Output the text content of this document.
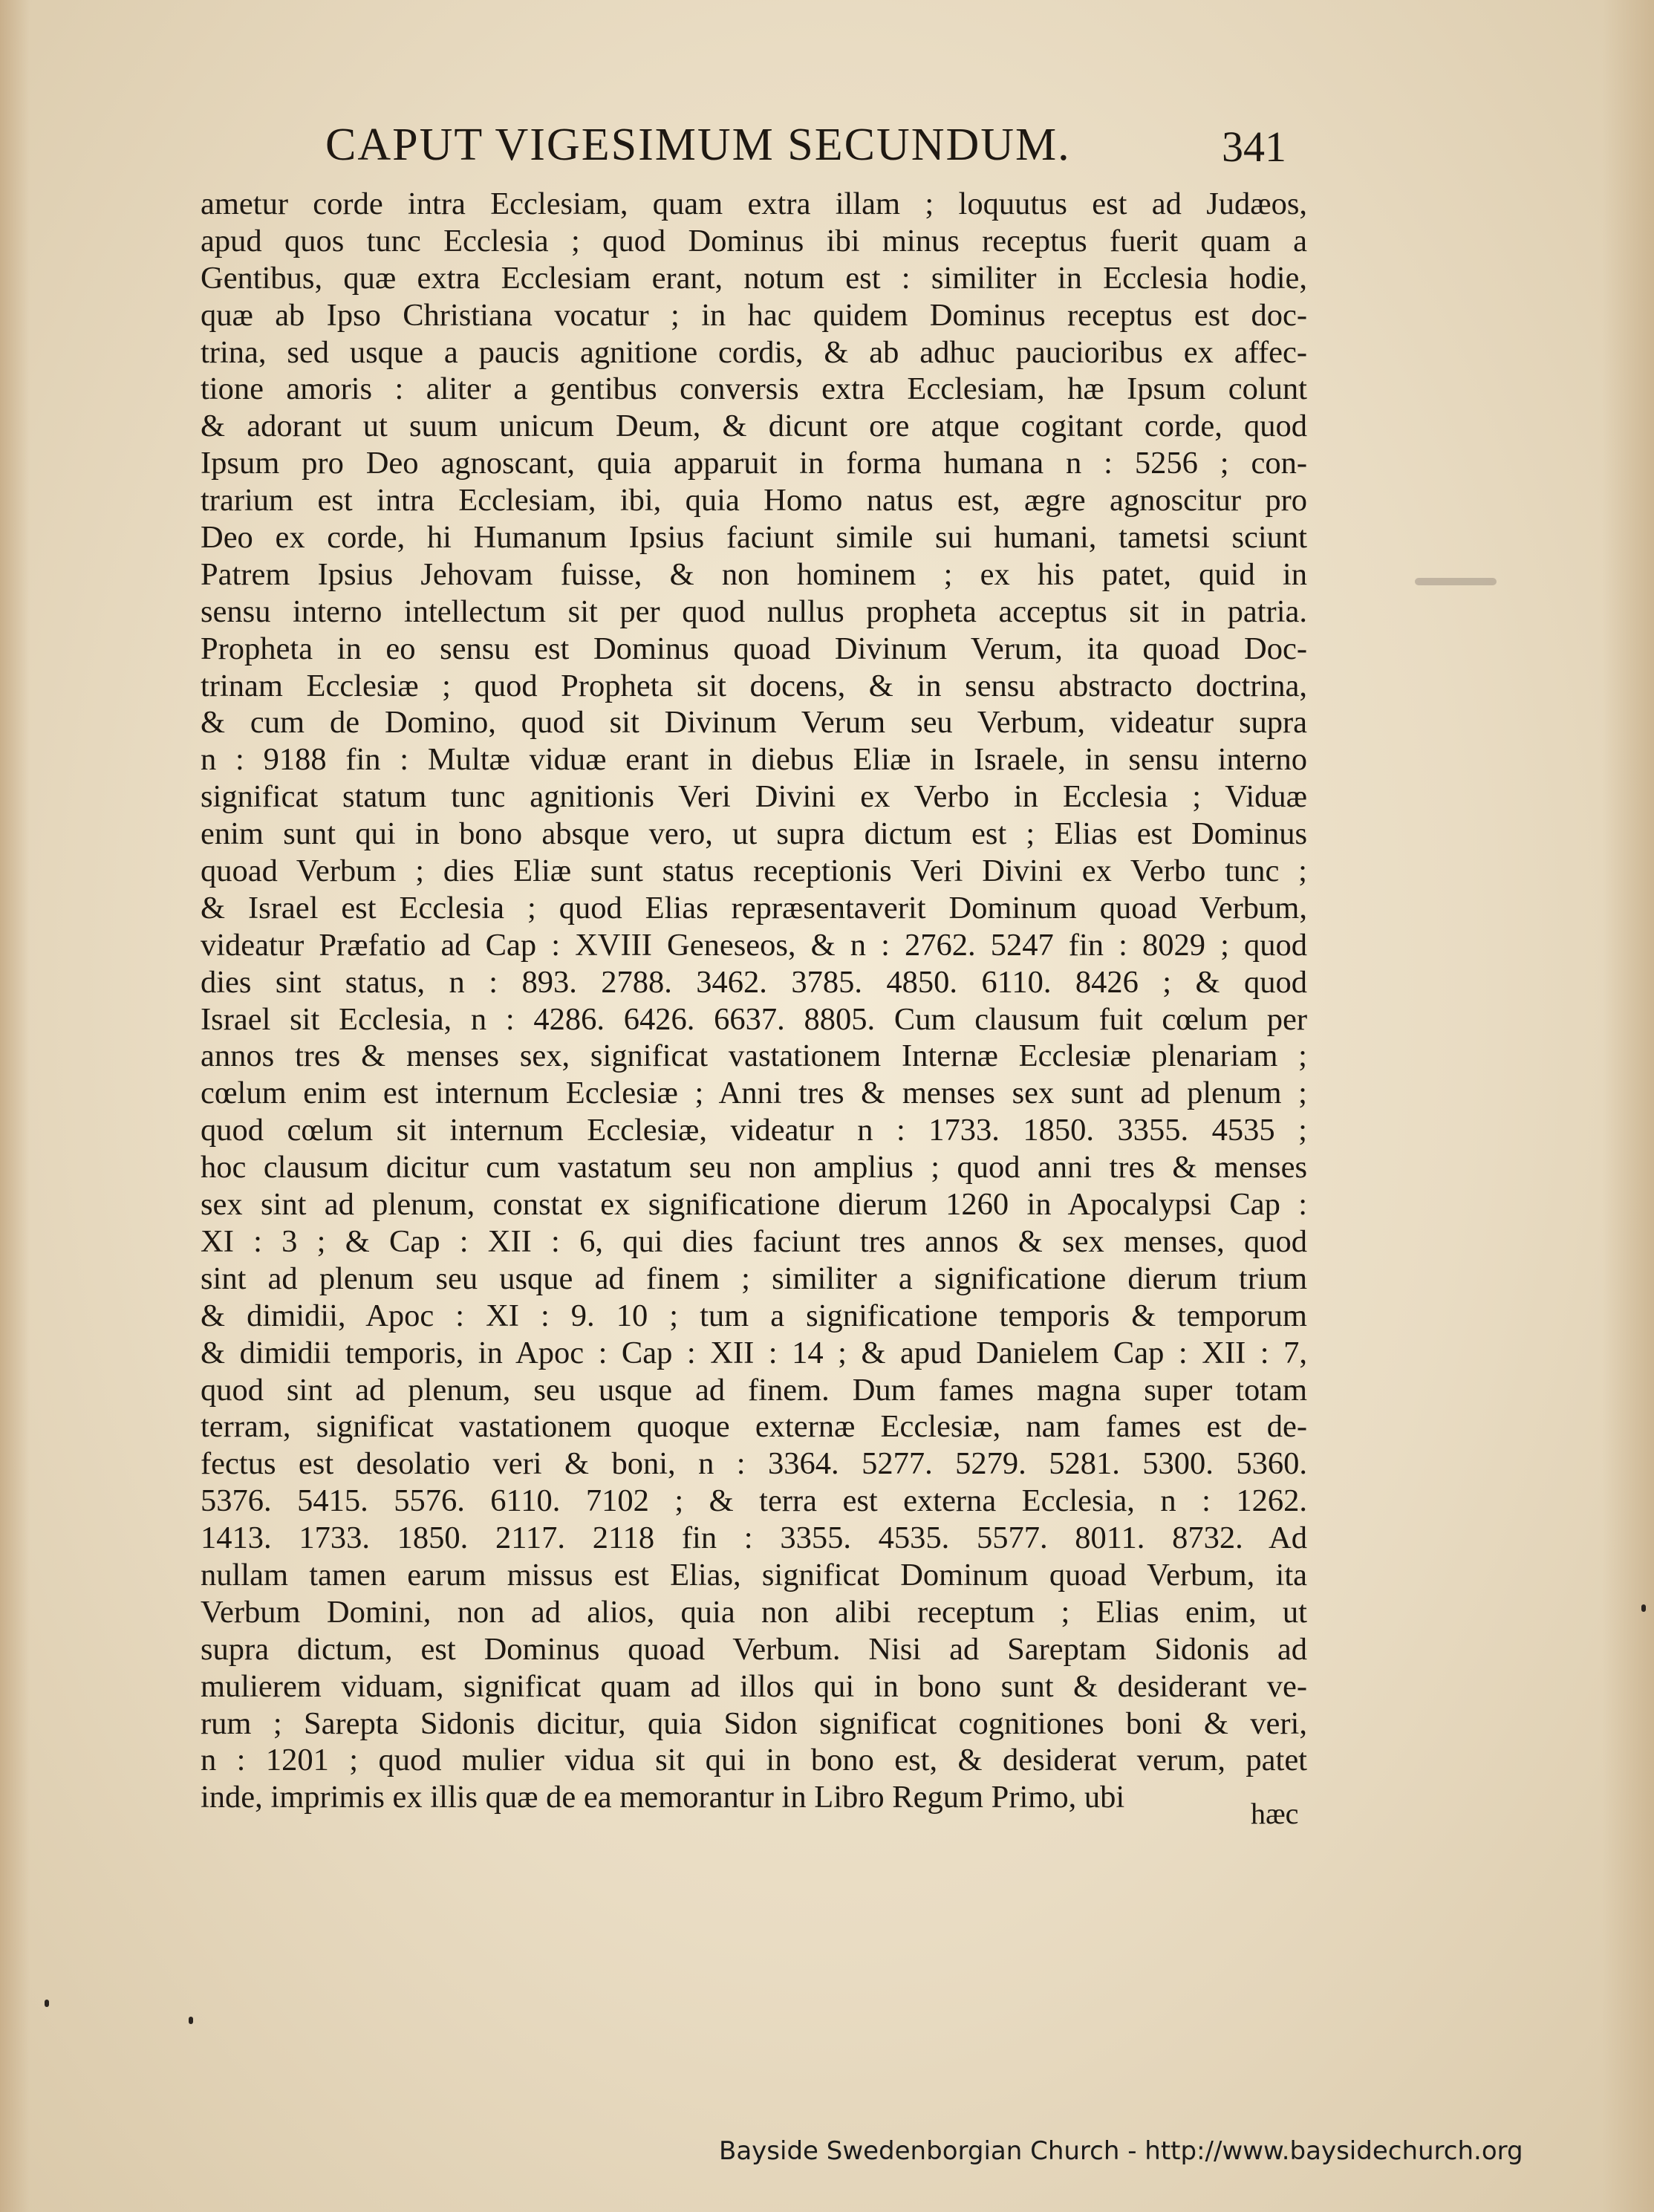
CAPUT VIGESIMUM SECUNDUM.	341
ametur corde intra Ecclesiam, quam extra illam ; loquutus est ad Judæos,
apud quos tunc Ecclesia ; quod Dominus ibi minus receptus fuerit quam a
Gentibus, quæ extra Ecclesiam erant, notum est : similiter in Ecclesia hodie,
quæ ab Ipso Christiana vocatur ; in hac quidem Dominus receptus est doc-
trina, sed usque a paucis agnitione cordis, & ab adhuc paucioribus ex affec-
tione amoris : aliter a gentibus conversis extra Ecclesiam, hæ Ipsum colunt
& adorant ut suum unicum Deum, & dicunt ore atque cogitant corde, quod
Ipsum pro Deo agnoscant, quia apparuit in forma humana n : 5256 ; con-
trarium est intra Ecclesiam, ibi, quia Homo natus est, ægre agnoscitur pro
Deo ex corde, hi Humanum Ipsius faciunt simile sui humani, tametsi sciunt
Patrem Ipsius Jehovam fuisse, & non hominem ; ex his patet, quid in
sensu interno intellectum sit per quod nullus propheta acceptus sit in patria.
Propheta in eo sensu est Dominus quoad Divinum Verum, ita quoad Doc-
trinam Ecclesiæ ; quod Propheta sit docens, & in sensu abstracto doctrina,
& cum de Domino, quod sit Divinum Verum seu Verbum, videatur supra
n : 9188 fin : Multæ viduæ erant in diebus Eliæ in Israele, in sensu interno
significat statum tunc agnitionis Veri Divini ex Verbo in Ecclesia ; Viduæ
enim sunt qui in bono absque vero, ut supra dictum est ; Elias est Dominus
quoad Verbum ; dies Eliæ sunt status receptionis Veri Divini ex Verbo tunc ;
& Israel est Ecclesia ; quod Elias repræsentaverit Dominum quoad Verbum,
videatur Præfatio ad Cap : XVIII Geneseos, & n : 2762. 5247 fin : 8029 ; quod
dies sint status, n : 893. 2788. 3462. 3785. 4850. 6110. 8426 ; & quod
Israel sit Ecclesia, n : 4286. 6426. 6637. 8805. Cum clausum fuit cœlum per
annos tres & menses sex, significat vastationem Internæ Ecclesiæ plenariam ;
cœlum enim est internum Ecclesiæ ; Anni tres & menses sex sunt ad plenum ;
quod cœlum sit internum Ecclesiæ, videatur n : 1733. 1850. 3355. 4535 ;
hoc clausum dicitur cum vastatum seu non amplius ; quod anni tres & menses
sex sint ad plenum, constat ex significatione dierum 1260 in Apocalypsi Cap :
XI : 3 ; & Cap : XII : 6, qui dies faciunt tres annos & sex menses, quod
sint ad plenum seu usque ad finem ; similiter a significatione dierum trium
& dimidii, Apoc : XI : 9. 10 ; tum a significatione temporis & temporum
& dimidii temporis, in Apoc : Cap : XII : 14 ; & apud Danielem Cap : XII : 7,
quod sint ad plenum, seu usque ad finem. Dum fames magna super totam
terram, significat vastationem quoque externæ Ecclesiæ, nam fames est de-
fectus est desolatio veri & boni, n : 3364. 5277. 5279. 5281. 5300. 5360.
5376. 5415. 5576. 6110. 7102 ; & terra est externa Ecclesia, n : 1262.
1413. 1733. 1850. 2117. 2118 fin : 3355. 4535. 5577. 8011. 8732. Ad
nullam tamen earum missus est Elias, significat Dominum quoad Verbum, ita
Verbum Domini, non ad alios, quia non alibi receptum ; Elias enim, ut
supra dictum, est Dominus quoad Verbum. Nisi ad Sareptam Sidonis ad
mulierem viduam, significat quam ad illos qui in bono sunt & desiderant ve-
rum ; Sarepta Sidonis dicitur, quia Sidon significat cognitiones boni & veri,
n : 1201 ; quod mulier vidua sit qui in bono est, & desiderat verum, patet
inde, imprimis ex illis quæ de ea memorantur in Libro Regum Primo, ubi	hæc
Bayside Swedenborgian Church - http://www.baysidechurch.org
